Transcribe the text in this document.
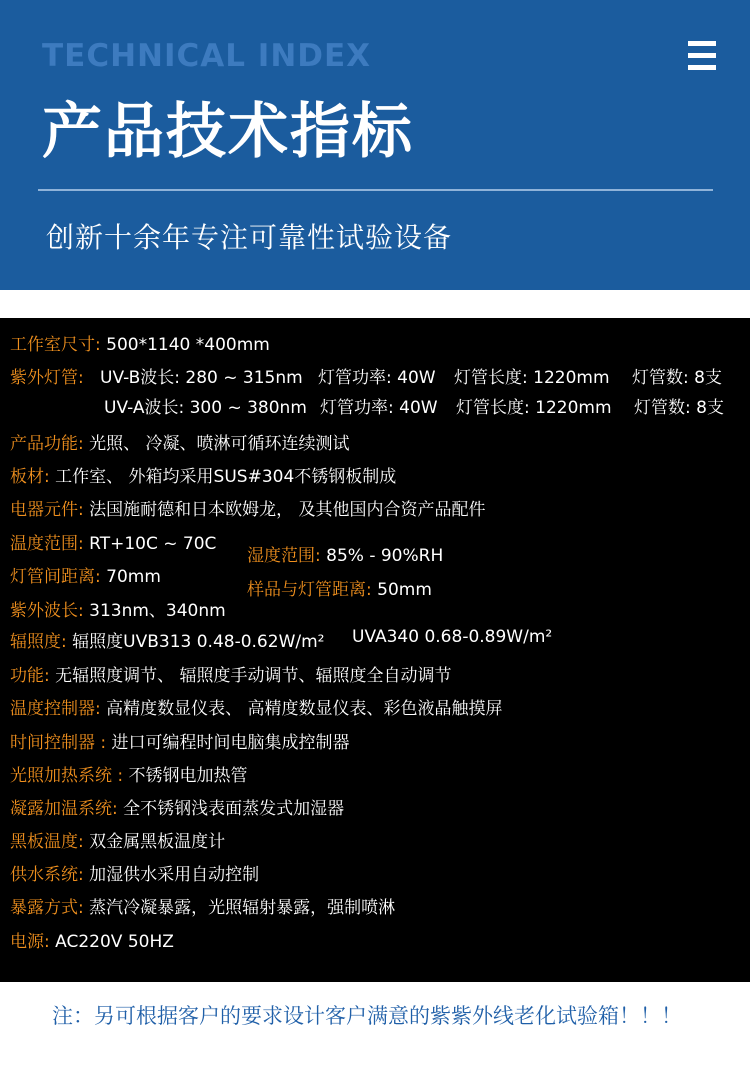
TECHNICAL INDEX
产品技术指标
创新十余年专注可靠性试验设备
工作室尺寸: 500*1140 *400mm
紫外灯管: UV-B波长: 280 ~ 315nm 灯管功率: 40W 灯管长度: 1220mm 灯管数: 8支
UV-A波长: 300 ~ 380nm 灯管功率: 40W 灯管长度: 1220mm 灯管数: 8支
产品功能: 光照、 冷凝、喷淋可循环连续测试
板材: 工作室、 外箱均采用SUS#304不锈钢板制成
电器元件: 法国施耐德和日本欧姆龙， 及其他国内合资产品配件
温度范围: RT+10C ~ 70C
湿度范围: 85% - 90%RH
灯管间距离: 70mm
样品与灯管距离: 50mm
紫外波长: 313nm、340nm
辐照度: 辐照度UVB313 0.48-0.62W/m² UVA340 0.68-0.89W/m²
功能: 无辐照度调节、 辐照度手动调节、辐照度全自动调节
温度控制器: 高精度数显仪表、 高精度数显仪表、彩色液晶触摸屏
时间控制器 : 进口可编程时间电脑集成控制器
光照加热系统 : 不锈钢电加热管
凝露加温系统: 全不锈钢浅表面蒸发式加湿器
黑板温度: 双金属黑板温度计
供水系统: 加湿供水采用自动控制
暴露方式: 蒸汽冷凝暴露，光照辐射暴露，强制喷淋
电源: AC220V 50HZ
注：另可根据客户的要求设计客户满意的紫紫外线老化试验箱！！！
